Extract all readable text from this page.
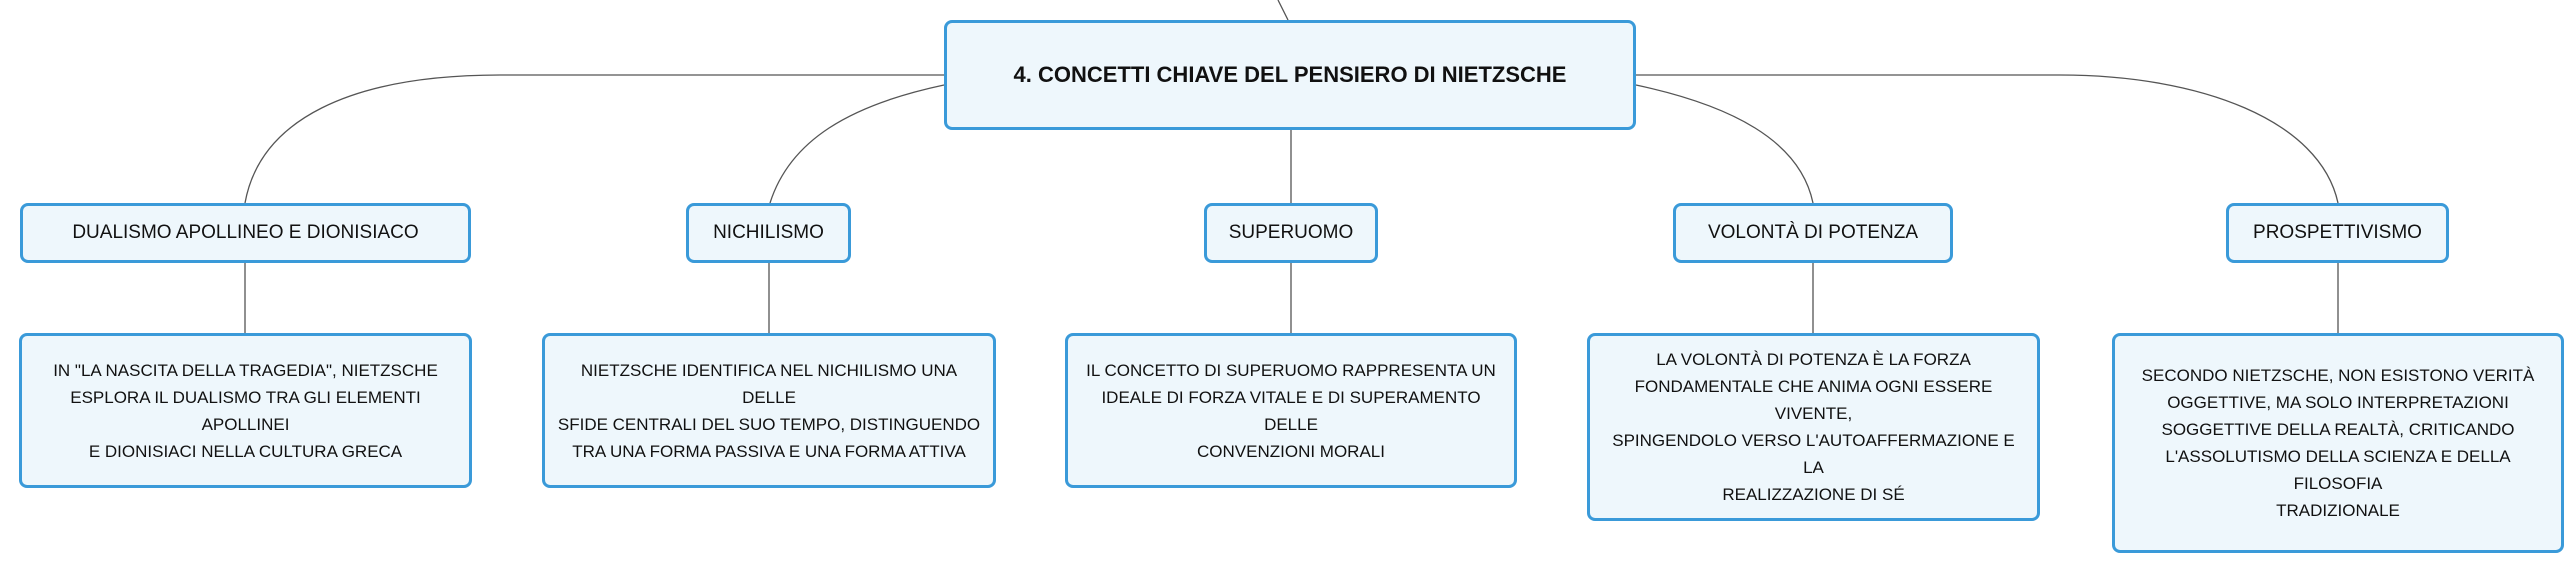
4. CONCETTI CHIAVE DEL PENSIERO DI NIETZSCHE
DUALISMO APOLLINEO E DIONISIACO
IN "LA NASCITA DELLA TRAGEDIA", NIETZSCHE
ESPLORA IL DUALISMO TRA GLI ELEMENTI APOLLINEI
E DIONISIACI NELLA CULTURA GRECA
NICHILISMO
NIETZSCHE IDENTIFICA NEL NICHILISMO UNA DELLE
SFIDE CENTRALI DEL SUO TEMPO, DISTINGUENDO
TRA UNA FORMA PASSIVA E UNA FORMA ATTIVA
SUPERUOMO
IL CONCETTO DI SUPERUOMO RAPPRESENTA UN
IDEALE DI FORZA VITALE E DI SUPERAMENTO DELLE
CONVENZIONI MORALI
VOLONTÀ DI POTENZA
LA VOLONTÀ DI POTENZA È LA FORZA
FONDAMENTALE CHE ANIMA OGNI ESSERE VIVENTE,
SPINGENDOLO VERSO L'AUTOAFFERMAZIONE E LA
REALIZZAZIONE DI SÉ
PROSPETTIVISMO
SECONDO NIETZSCHE, NON ESISTONO VERITÀ
OGGETTIVE, MA SOLO INTERPRETAZIONI
SOGGETTIVE DELLA REALTÀ, CRITICANDO
L'ASSOLUTISMO DELLA SCIENZA E DELLA FILOSOFIA
TRADIZIONALE
